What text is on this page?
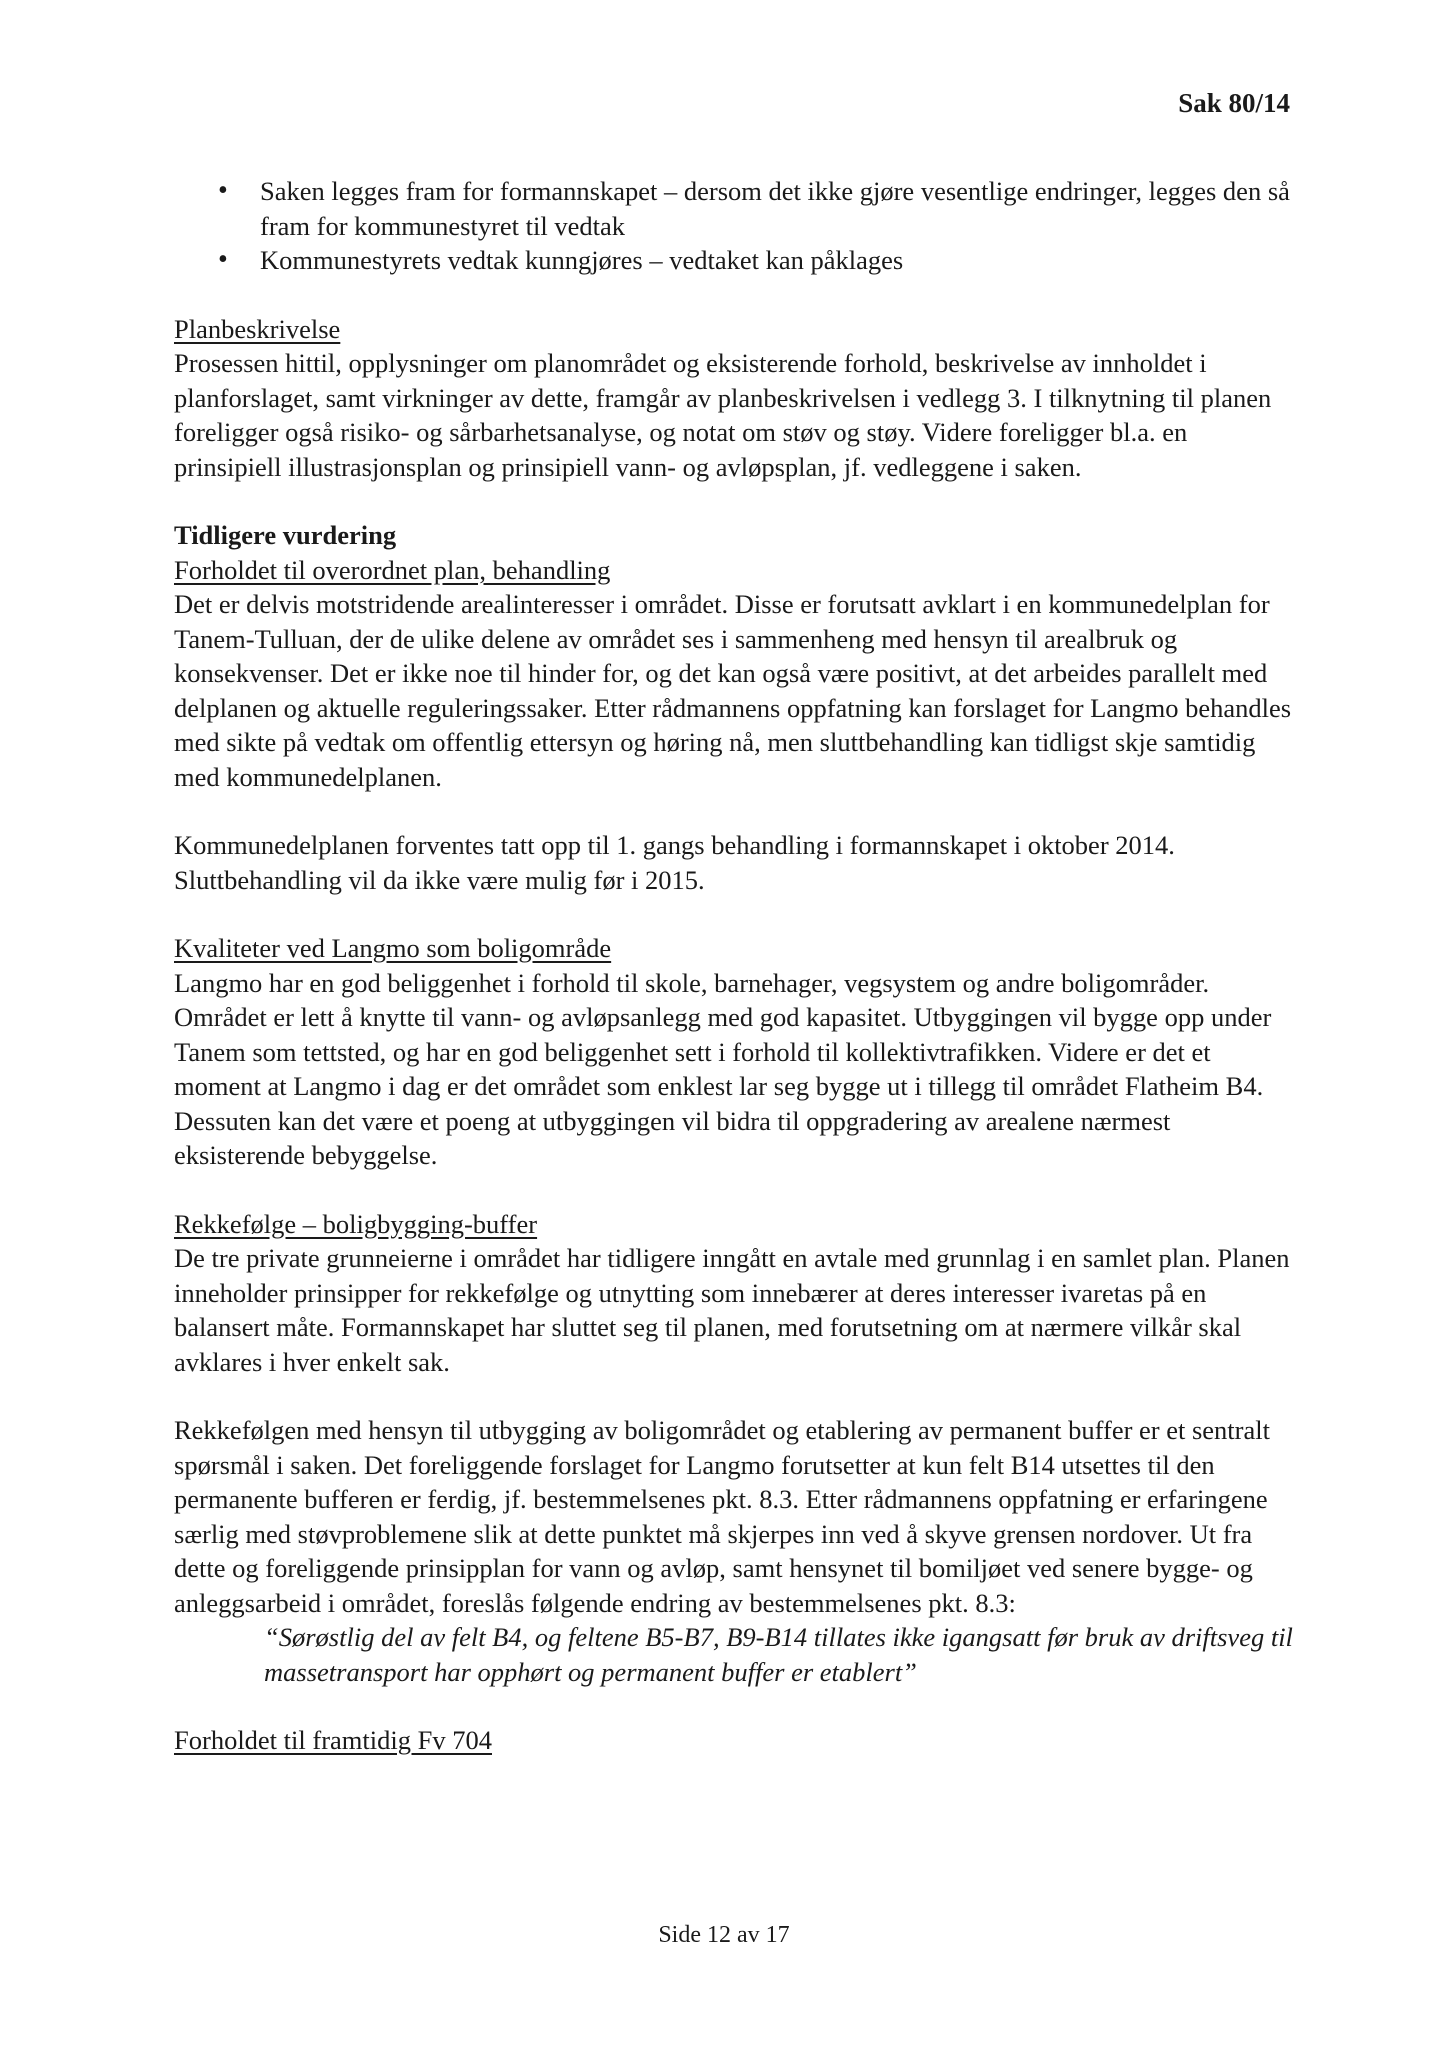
Sak 80/14
• Saken legges fram for formannskapet – dersom det ikke gjøre vesentlige endringer, legges den så fram for kommunestyret til vedtak
• Kommunestyrets vedtak kunngjøres – vedtaket kan påklages
Planbeskrivelse

Prosessen hittil, opplysninger om planområdet og eksisterende forhold, beskrivelse av innholdet i planforslaget, samt virkninger av dette, framgår av planbeskrivelsen i vedlegg 3. I tilknytning til planen foreligger også risiko- og sårbarhetsanalyse, og notat om støv og støy. Videre foreligger bl.a. en prinsipiell illustrasjonsplan og prinsipiell vann- og avløpsplan, jf. vedleggene i saken.

Tidligere vurdering
Forholdet til overordnet plan, behandling

Det er delvis motstridende arealinteresser i området. Disse er forutsatt avklart i en kommunedelplan for Tanem-Tulluan, der de ulike delene av området ses i sammenheng med hensyn til arealbruk og konsekvenser. Det er ikke noe til hinder for, og det kan også være positivt, at det arbeides parallelt med delplanen og aktuelle reguleringssaker. Etter rådmannens oppfatning kan forslaget for Langmo behandles med sikte på vedtak om offentlig ettersyn og høring nå, men sluttbehandling kan tidligst skje samtidig med kommunedelplanen.

Kommunedelplanen forventes tatt opp til 1. gangs behandling i formannskapet i oktober 2014. Sluttbehandling vil da ikke være mulig før i 2015.

Kvaliteter ved Langmo som boligområde

Langmo har en god beliggenhet i forhold til skole, barnehager, vegsystem og andre boligområder. Området er lett å knytte til vann- og avløpsanlegg med god kapasitet. Utbyggingen vil bygge opp under Tanem som tettsted, og har en god beliggenhet sett i forhold til kollektivtrafikken. Videre er det et moment at Langmo i dag er det området som enklest lar seg bygge ut i tillegg til området Flatheim B4. Dessuten kan det være et poeng at utbyggingen vil bidra til oppgradering av arealene nærmest eksisterende bebyggelse.

Rekkefølge – boligbygging-buffer

De tre private grunneierne i området har tidligere inngått en avtale med grunnlag i en samlet plan. Planen inneholder prinsipper for rekkefølge og utnytting som innebærer at deres interesser ivaretas på en balansert måte. Formannskapet har sluttet seg til planen, med forutsetning om at nærmere vilkår skal avklares i hver enkelt sak.

Rekkefølgen med hensyn til utbygging av boligområdet og etablering av permanent buffer er et sentralt spørsmål i saken. Det foreliggende forslaget for Langmo forutsetter at kun felt B14 utsettes til den permanente bufferen er ferdig, jf. bestemmelsenes pkt. 8.3. Etter rådmannens oppfatning er erfaringene særlig med støvproblemene slik at dette punktet må skjerpes inn ved å skyve grensen nordover. Ut fra dette og foreliggende prinsipplan for vann og avløp, samt hensynet til bomiljøet ved senere bygge- og anleggsarbeid i området, foreslås følgende endring av bestemmelsenes pkt. 8.3:

“Sørøstlig del av felt B4, og feltene B5-B7, B9-B14 tillates ikke igangsatt før bruk av driftsveg til massetransport har opphørt og permanent buffer er etablert”

Forholdet til framtidig Fv 704
Side 12 av 17
